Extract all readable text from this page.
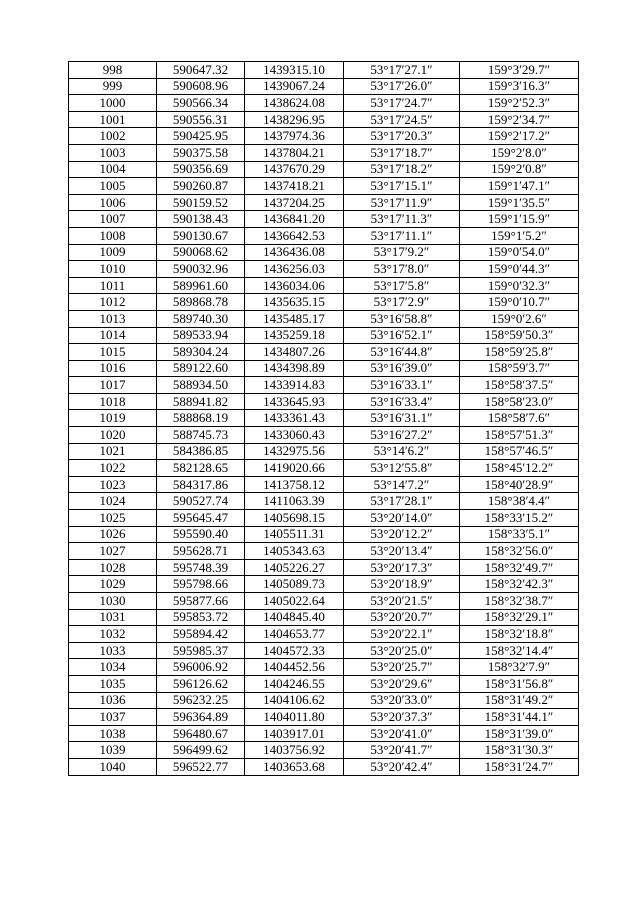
998	590647.32	1439315.10	53°17′27.1″	159°3′29.7″
999	590608.96	1439067.24	53°17′26.0″	159°3′16.3″
1000	590566.34	1438624.08	53°17′24.7″	159°2′52.3″
1001	590556.31	1438296.95	53°17′24.5″	159°2′34.7″
1002	590425.95	1437974.36	53°17′20.3″	159°2′17.2″
1003	590375.58	1437804.21	53°17′18.7″	159°2′8.0″
1004	590356.69	1437670.29	53°17′18.2″	159°2′0.8″
1005	590260.87	1437418.21	53°17′15.1″	159°1′47.1″
1006	590159.52	1437204.25	53°17′11.9″	159°1′35.5″
1007	590138.43	1436841.20	53°17′11.3″	159°1′15.9″
1008	590130.67	1436642.53	53°17′11.1″	159°1′5.2″
1009	590068.62	1436436.08	53°17′9.2″	159°0′54.0″
1010	590032.96	1436256.03	53°17′8.0″	159°0′44.3″
1011	589961.60	1436034.06	53°17′5.8″	159°0′32.3″
1012	589868.78	1435635.15	53°17′2.9″	159°0′10.7″
1013	589740.30	1435485.17	53°16′58.8″	159°0′2.6″
1014	589533.94	1435259.18	53°16′52.1″	158°59′50.3″
1015	589304.24	1434807.26	53°16′44.8″	158°59′25.8″
1016	589122.60	1434398.89	53°16′39.0″	158°59′3.7″
1017	588934.50	1433914.83	53°16′33.1″	158°58′37.5″
1018	588941.82	1433645.93	53°16′33.4″	158°58′23.0″
1019	588868.19	1433361.43	53°16′31.1″	158°58′7.6″
1020	588745.73	1433060.43	53°16′27.2″	158°57′51.3″
1021	584386.85	1432975.56	53°14′6.2″	158°57′46.5″
1022	582128.65	1419020.66	53°12′55.8″	158°45′12.2″
1023	584317.86	1413758.12	53°14′7.2″	158°40′28.9″
1024	590527.74	1411063.39	53°17′28.1″	158°38′4.4″
1025	595645.47	1405698.15	53°20′14.0″	158°33′15.2″
1026	595590.40	1405511.31	53°20′12.2″	158°33′5.1″
1027	595628.71	1405343.63	53°20′13.4″	158°32′56.0″
1028	595748.39	1405226.27	53°20′17.3″	158°32′49.7″
1029	595798.66	1405089.73	53°20′18.9″	158°32′42.3″
1030	595877.66	1405022.64	53°20′21.5″	158°32′38.7″
1031	595853.72	1404845.40	53°20′20.7″	158°32′29.1″
1032	595894.42	1404653.77	53°20′22.1″	158°32′18.8″
1033	595985.37	1404572.33	53°20′25.0″	158°32′14.4″
1034	596006.92	1404452.56	53°20′25.7″	158°32′7.9″
1035	596126.62	1404246.55	53°20′29.6″	158°31′56.8″
1036	596232.25	1404106.62	53°20′33.0″	158°31′49.2″
1037	596364.89	1404011.80	53°20′37.3″	158°31′44.1″
1038	596480.67	1403917.01	53°20′41.0″	158°31′39.0″
1039	596499.62	1403756.92	53°20′41.7″	158°31′30.3″
1040	596522.77	1403653.68	53°20′42.4″	158°31′24.7″
